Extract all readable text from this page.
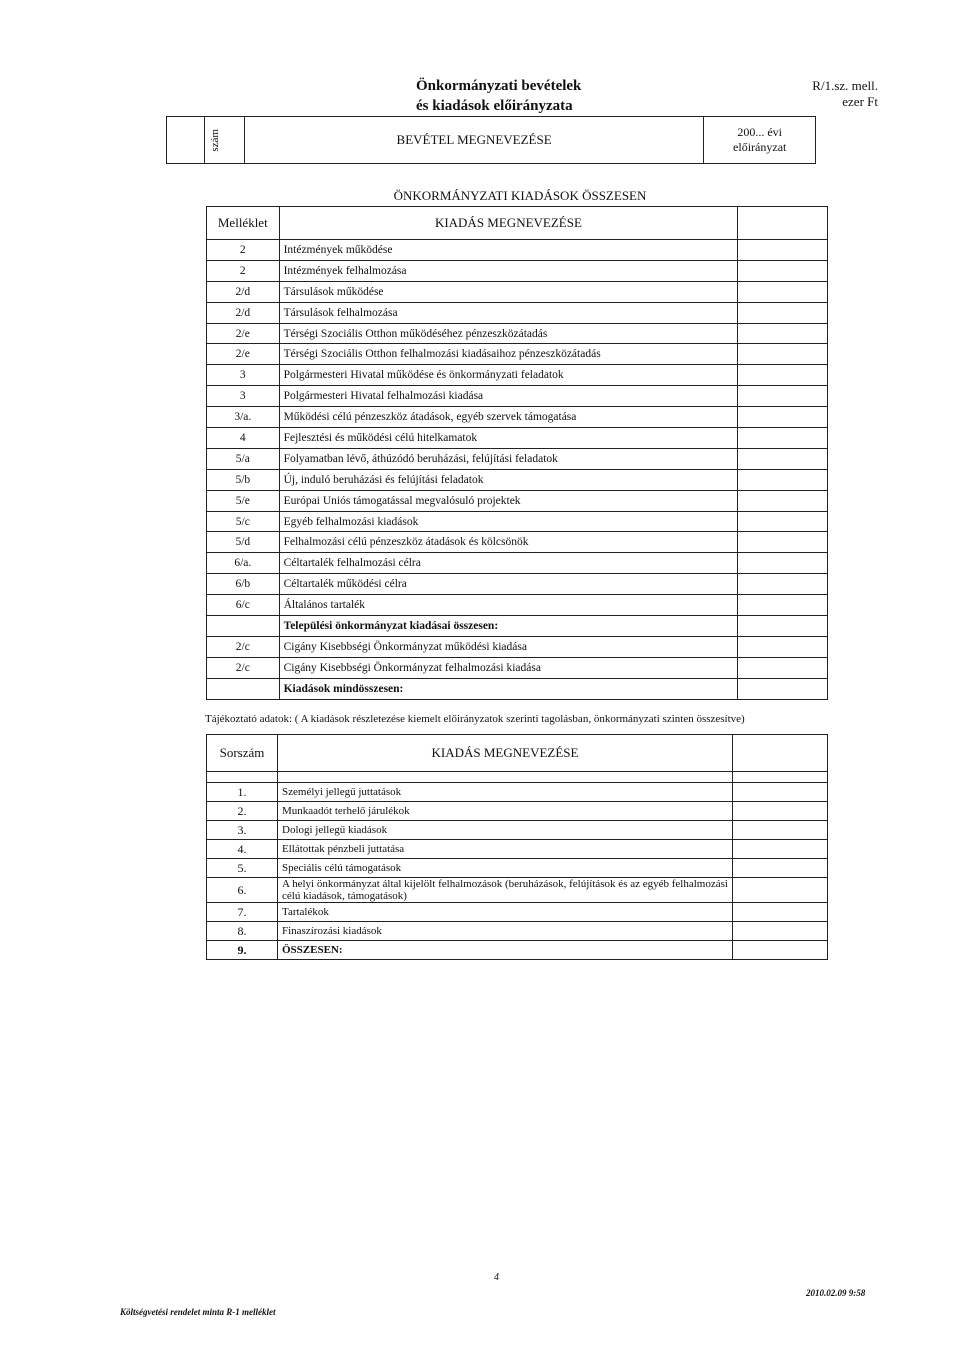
Önkormányzati bevételek
és kiadások előirányzata
R/1.sz. mell.
ezer Ft

szám	BEVÉTEL MEGNEVEZÉSE	200... évi
előirányzat
ÖNKORMÁNYZATI KIADÁSOK ÖSSZESEN
Melléklet	KIADÁS MEGNEVEZÉSE	
2	Intézmények működése	
2	Intézmények felhalmozása	
2/d	Társulások működése	
2/d	Társulások felhalmozása	
2/e	Térségi Szociális Otthon működéséhez pénzeszközátadás	
2/e	Térségi Szociális Otthon felhalmozási kiadásaihoz pénzeszközátadás	
3	Polgármesteri Hivatal működése és önkormányzati feladatok	
3	Polgármesteri Hivatal felhalmozási kiadása	
3/a.	Működési célú pénzeszköz átadások, egyéb szervek támogatása	
4	Fejlesztési és működési célú hitelkamatok	
5/a	Folyamatban lévő, áthúzódó beruházási, felújítási feladatok	
5/b	Új, induló beruházási és felújítási feladatok	
5/e	Európai Uniós támogatással megvalósuló projektek	
5/c	Egyéb felhalmozási kiadások	
5/d	Felhalmozási célú pénzeszköz átadások és kölcsönök	
6/a.	Céltartalék felhalmozási célra	
6/b	Céltartalék működési célra	
6/c	Általános tartalék	
	Települési önkormányzat kiadásai összesen:	
2/c	Cigány Kisebbségi Önkormányzat működési kiadása	
2/c	Cigány Kisebbségi Önkormányzat felhalmozási kiadása	
	Kiadások mindösszesen:	
Tájékoztató adatok: ( A kiadások részletezése kiemelt előirányzatok szerinti tagolásban, önkormányzati szinten összesítve)
Sorszám	KIADÁS MEGNEVEZÉSE	

1.	Személyi jellegű juttatások	
2.	Munkaadót terhelő járulékok	
3.	Dologi jellegű kiadások	
4.	Ellátottak pénzbeli juttatása	
5.	Speciális célú támogatások	
6.	A helyi önkormányzat által kijelölt felhalmozások (beruházások, felújítások és az egyéb felhalmozási célú kiadások, támogatások)	
7.	Tartalékok	
8.	Finaszírozási kiadások	
9.	ÖSSZESEN:	
4
Költségvetési rendelet minta R-1 melléklet
2010.02.09 9:58
